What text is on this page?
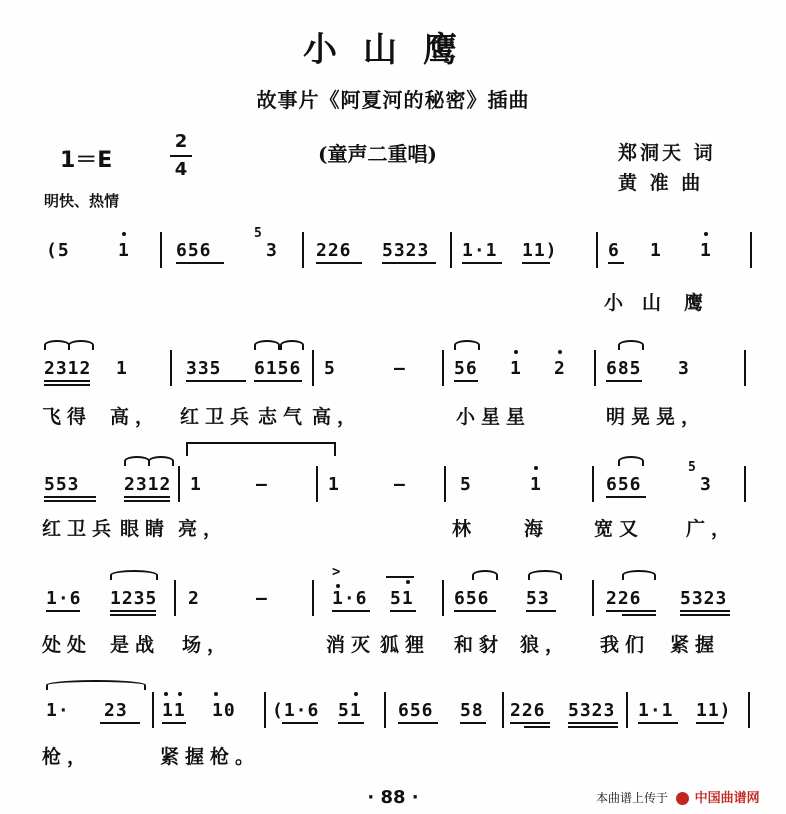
小山鹰
故事片《阿夏河的秘密》插曲
1＝E
2
4
(童声二重唱)	郑洞天 词
黄 准 曲
明快、热情
(5	1	656
5
3 226 5323 1·1 11)	6 1 1
小 山 鹰
2312 1	335 6156 5	—	56 1 2 685 3
飞得 高， 红卫兵 志气 高，	小星星	明晃晃，
553 2312 1	—	1	—	5	1	656
5
3
红卫兵 眼睛 亮，	林 海 宽又 广，
1·6 1235 2	—
>
1·6 51 656 53	226 5323
处处 是战 场，	消灭 狐狸 和豺 狼， 我们 紧握
1· 23 11 10 (1·6 51 656 58 226 5323 1·1 11)
枪，	紧握枪。
· 88 ·	本曲谱上传于 中国曲谱网
